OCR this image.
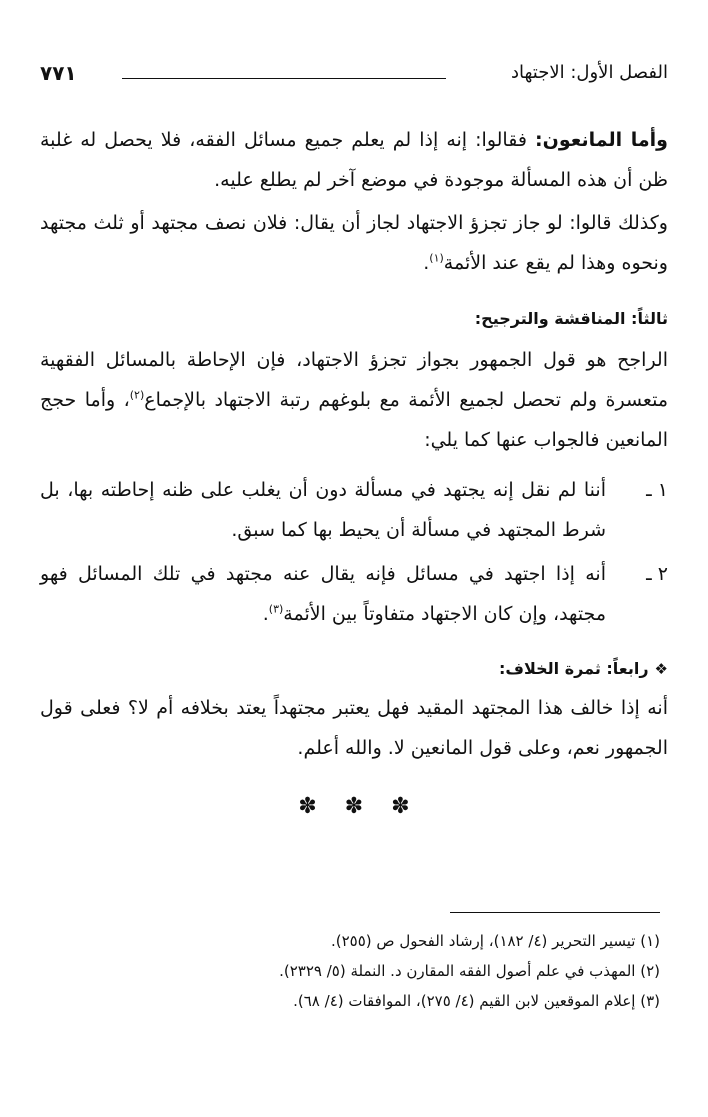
الفصل الأول: الاجتهاد
٧٧١
وأما المانعون: فقالوا: إنه إذا لم يعلم جميع مسائل الفقه، فلا يحصل له غلبة ظن أن هذه المسألة موجودة في موضع آخر لم يطلع عليه.
وكذلك قالوا: لو جاز تجزؤ الاجتهاد لجاز أن يقال: فلان نصف مجتهد أو ثلث مجتهد ونحوه وهذا لم يقع عند الأئمة$^{(١)}$.
ثالثاً: المناقشة والترجيح:
الراجح هو قول الجمهور بجواز تجزؤ الاجتهاد، فإن الإحاطة بالمسائل الفقهية متعسرة ولم تحصل لجميع الأئمة مع بلوغهم رتبة الاجتهاد بالإجماع$^{(٢)}$، وأما حجج المانعين فالجواب عنها كما يلي:
١ ـ
أننا لم نقل إنه يجتهد في مسألة دون أن يغلب على ظنه إحاطته بها، بل شرط المجتهد في مسألة أن يحيط بها كما سبق.
٢ ـ
أنه إذا اجتهد في مسائل فإنه يقال عنه مجتهد في تلك المسائل فهو مجتهد، وإن كان الاجتهاد متفاوتاً بين الأئمة$^{(٣)}$.
❖رابعاً: ثمرة الخلاف:
أنه إذا خالف هذا المجتهد المقيد فهل يعتبر مجتهداً يعتد بخلافه أم لا؟ فعلى قول الجمهور نعم، وعلى قول المانعين لا. والله أعلم.
✽ ✽ ✽
(١) تيسير التحرير (٤/ ١٨٢)، إرشاد الفحول ص (٢٥٥).
(٢) المهذب في علم أصول الفقه المقارن د. النملة (٥/ ٢٣٢٩).
(٣) إعلام الموقعين لابن القيم (٤/ ٢٧٥)، الموافقات (٤/ ٦٨).
